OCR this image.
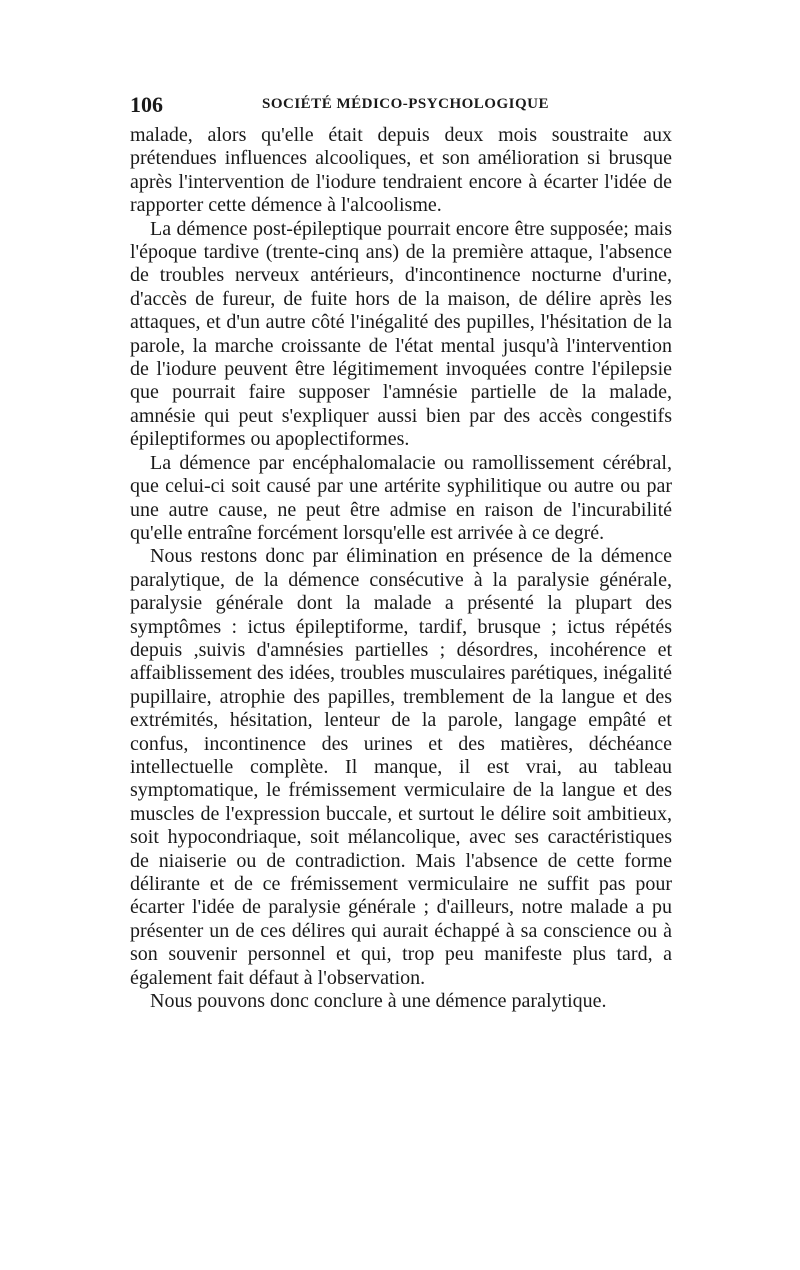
106	SOCIÉTÉ MÉDICO-PSYCHOLOGIQUE

malade, alors qu'elle était depuis deux mois soustraite aux prétendues influences alcooliques, et son amélioration si brusque après l'intervention de l'iodure tendraient encore à écarter l'idée de rapporter cette démence à l'alcoolisme.

La démence post-épileptique pourrait encore être supposée; mais l'époque tardive (trente-cinq ans) de la première attaque, l'absence de troubles nerveux antérieurs, d'incontinence nocturne d'urine, d'accès de fureur, de fuite hors de la maison, de délire après les attaques, et d'un autre côté l'inégalité des pupilles, l'hésitation de la parole, la marche croissante de l'état mental jusqu'à l'intervention de l'iodure peuvent être légitimement invoquées contre l'épilepsie que pourrait faire supposer l'amnésie partielle de la malade, amnésie qui peut s'expliquer aussi bien par des accès congestifs épileptiformes ou apoplectiformes.

La démence par encéphalomalacie ou ramollissement cérébral, que celui-ci soit causé par une artérite syphilitique ou autre ou par une autre cause, ne peut être admise en raison de l'incurabilité qu'elle entraîne forcément lorsqu'elle est arrivée à ce degré.

Nous restons donc par élimination en présence de la démence paralytique, de la démence consécutive à la paralysie générale, paralysie générale dont la malade a présenté la plupart des symptômes : ictus épileptiforme, tardif, brusque ; ictus répétés depuis ,suivis d'amnésies partielles ; désordres, incohérence et affaiblissement des idées, troubles musculaires parétiques, inégalité pupillaire, atrophie des papilles, tremblement de la langue et des extrémités, hésitation, lenteur de la parole, langage empâté et confus, incontinence des urines et des matières, déchéance intellectuelle complète. Il manque, il est vrai, au tableau symptomatique, le frémissement vermiculaire de la langue et des muscles de l'expression buccale, et surtout le délire soit ambitieux, soit hypocondriaque, soit mélancolique, avec ses caractéristiques de niaiserie ou de contradiction. Mais l'absence de cette forme délirante et de ce frémissement vermiculaire ne suffit pas pour écarter l'idée de paralysie générale ; d'ailleurs, notre malade a pu présenter un de ces délires qui aurait échappé à sa conscience ou à son souvenir personnel et qui, trop peu manifeste plus tard, a également fait défaut à l'observation.

Nous pouvons donc conclure à une démence paralytique.
